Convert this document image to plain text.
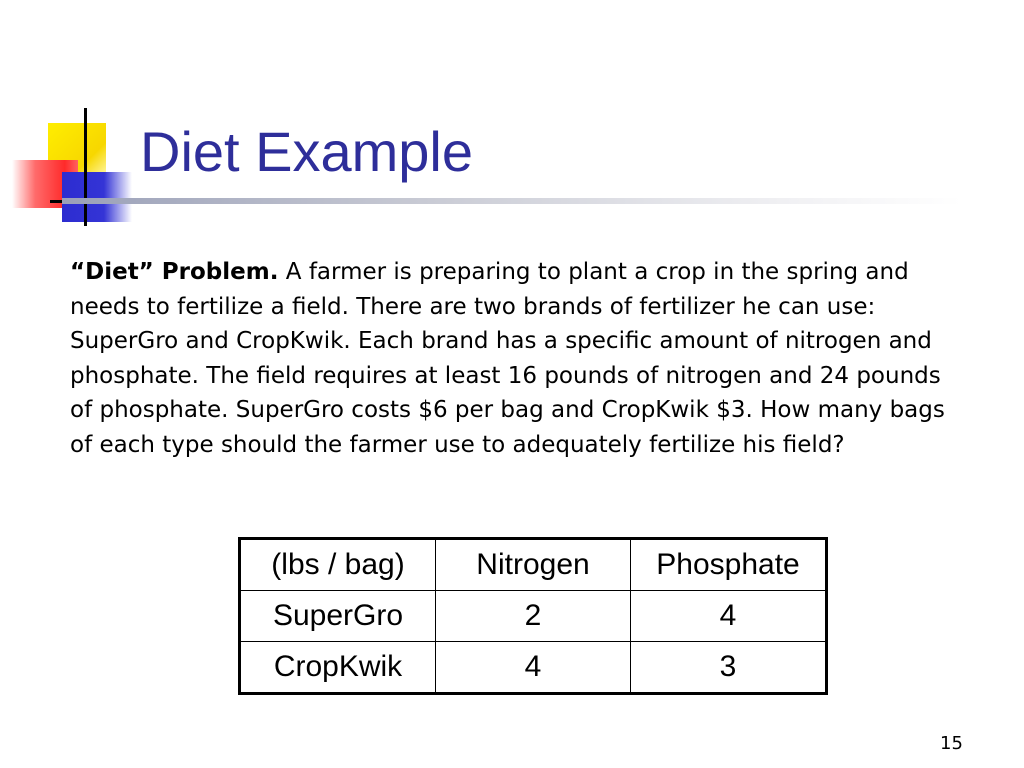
Diet Example

“Diet” Problem. A farmer is preparing to plant a crop in the spring and needs to fertilize a field. There are two brands of fertilizer he can use: SuperGro and CropKwik. Each brand has a specific amount of nitrogen and phosphate. The field requires at least 16 pounds of nitrogen and 24 pounds of phosphate. SuperGro costs $6 per bag and CropKwik $3. How many bags of each type should the farmer use to adequately fertilize his field?

(lbs / bag)	Nitrogen	Phosphate
SuperGro	2	4
CropKwik	4	3
15
